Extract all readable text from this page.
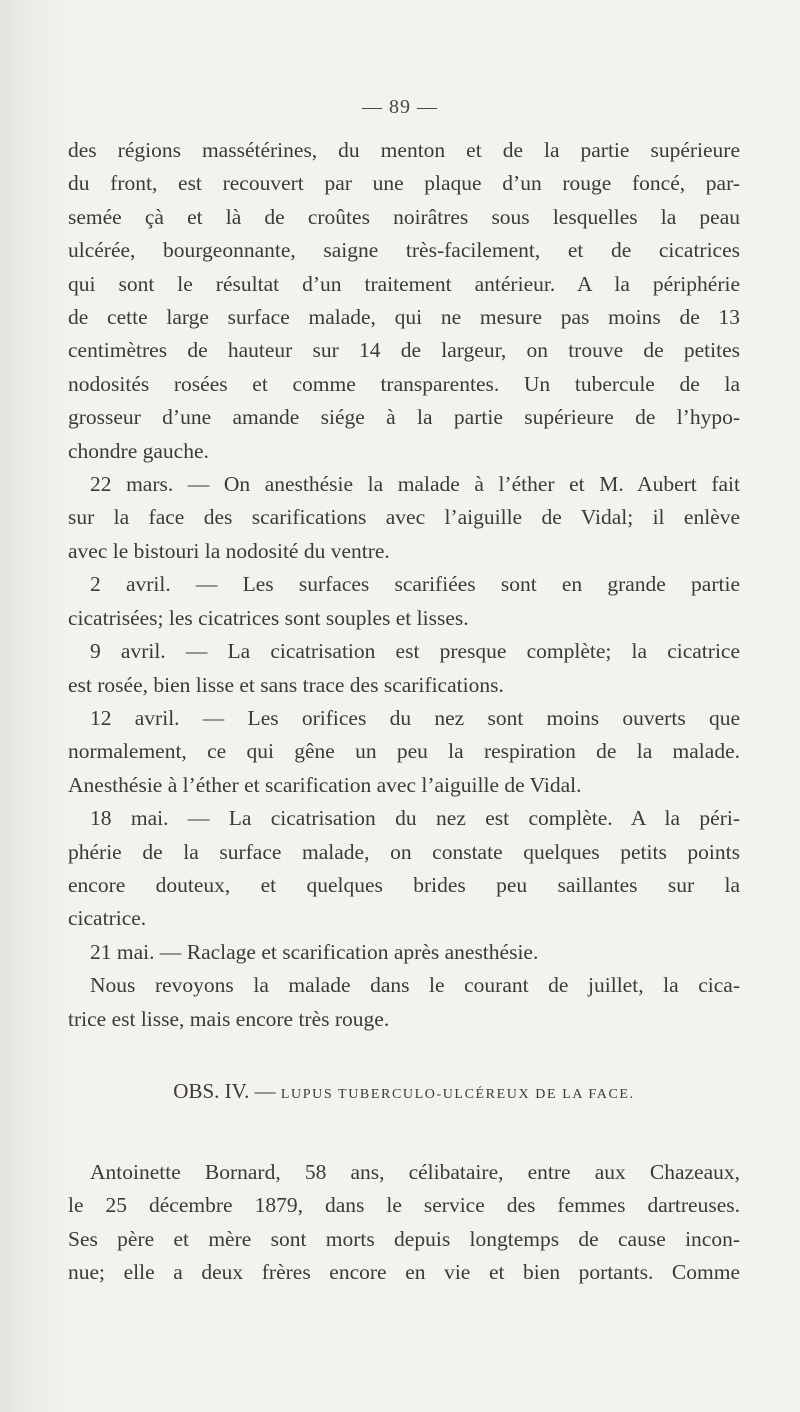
— 89 —
des régions massétérines, du menton et de la partie supérieure
du front, est recouvert par une plaque d’un rouge foncé, par-
semée çà et là de croûtes noirâtres sous lesquelles la peau
ulcérée, bourgeonnante, saigne très-facilement, et de cicatrices
qui sont le résultat d’un traitement antérieur. A la périphérie
de cette large surface malade, qui ne mesure pas moins de 13
centimètres de hauteur sur 14 de largeur, on trouve de petites
nodosités rosées et comme transparentes. Un tubercule de la
grosseur d’une amande siége à la partie supérieure de l’hypo-
chondre gauche.
22 mars. — On anesthésie la malade à l’éther et M. Aubert fait
sur la face des scarifications avec l’aiguille de Vidal; il enlève
avec le bistouri la nodosité du ventre.
2 avril. — Les surfaces scarifiées sont en grande partie
cicatrisées; les cicatrices sont souples et lisses.
9 avril. — La cicatrisation est presque complète; la cicatrice
est rosée, bien lisse et sans trace des scarifications.
12 avril. — Les orifices du nez sont moins ouverts que
normalement, ce qui gêne un peu la respiration de la malade.
Anesthésie à l’éther et scarification avec l’aiguille de Vidal.
18 mai. — La cicatrisation du nez est complète. A la péri-
phérie de la surface malade, on constate quelques petits points
encore douteux, et quelques brides peu saillantes sur la
cicatrice.
21 mai. — Raclage et scarification après anesthésie.
Nous revoyons la malade dans le courant de juillet, la cica-
trice est lisse, mais encore très rouge.
OBS. IV. — LUPUS TUBERCULO-ULCÉREUX DE LA FACE.
Antoinette Bornard, 58 ans, célibataire, entre aux Chazeaux,
le 25 décembre 1879, dans le service des femmes dartreuses.
Ses père et mère sont morts depuis longtemps de cause incon-
nue; elle a deux frères encore en vie et bien portants. Comme
